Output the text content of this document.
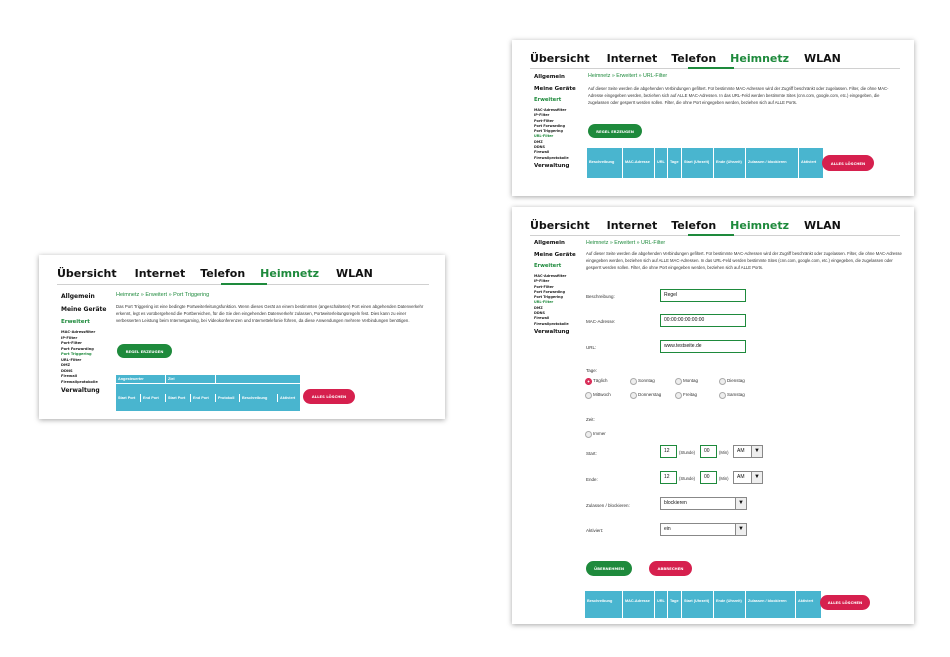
Übersicht Internet Telefon Heimnetz WLAN
Allgemein
Meine Geräte
Erweitert
MAC-Adressfilter
IP-Filter
Port-Filter
Port Forwarding
Port Triggering
URL-Filter
DMZ
DDNS
Firewall
Firewallprotokolle
Verwaltung
Heimnetz » Erweitert » Port Triggering
Das Port Triggering ist eine bedingte Portweiterleitungsfunktion. Wenn dieses Gerät an einem bestimmten (angeschalteten) Port einen abgehenden Datenverkehr erkennt, legt es vorübergehend die Portbereichen, für die Sie den eingehenden Datenverkehr zulassen, Portweiterleitungsregeln fest. Dies kann zu einer verbesserten Leistung beim Internetgaming, bei Videokonferenzen und Internettelefonie führen, da diese Anwendungen mehrere Verbindungen benötigen.
REGEL ERZEUGEN
Angesteuerter	Ziel
Start Port	End Port	Start Port	End Port	Protokoll	Beschreibung	Aktiviert	ALLES LÖSCHEN
Übersicht Internet Telefon Heimnetz WLAN
Allgemein
Meine Geräte
Erweitert
MAC-Adressfilter
IP-Filter
Port-Filter
Port Forwarding
Port Triggering
URL-Filter
DMZ
DDNS
Firewall
Firewallprotokolle
Verwaltung
Heimnetz » Erweitert » URL-Filter
Auf dieser Seite werden die abgehenden Verbindungen gefiltert. Für bestimmte MAC-Adressen wird der Zugriff beschränkt oder zugelassen. Filter, die ohne MAC-Adresse eingegeben werden, beziehen sich auf ALLE MAC-Adressen. In das URL-Feld werden bestimmte Sites (cnn.com, google.com, etc.) eingegeben, die zugelassen oder gesperrt werden sollen. Filter, die ohne Port eingegeben werden, beziehen sich auf ALLE Ports.
REGEL ERZEUGEN
Beschreibung	MAC-Adresse	URL	Tage	Start (Uhrzeit)	Ende (Uhrzeit)	Zulassen / blockieren	Aktiviert	ALLES LÖSCHEN
Übersicht Internet Telefon Heimnetz WLAN
Allgemein
Meine Geräte
Erweitert
MAC-Adressfilter
IP-Filter
Port-Filter
Port Forwarding
Port Triggering
URL-Filter
DMZ
DDNS
Firewall
Firewallprotokolle
Verwaltung
Heimnetz » Erweitert » URL-Filter
Auf dieser Seite werden die abgehenden Verbindungen gefiltert. Für bestimmte MAC-Adressen wird der Zugriff beschränkt oder zugelassen. Filter, die ohne MAC-Adresse eingegeben werden, beziehen sich auf ALLE MAC-Adressen. In das URL-Feld werden bestimmte Sites (cnn.com, google.com, etc.) eingegeben, die zugelassen oder gesperrt werden sollen. Filter, die ohne Port eingegeben werden, beziehen sich auf ALLE Ports.
Beschreibung:	Regel
MAC-Adresse:	00:00:00:00:00:00
URL:	www.testseite.de
Tage:
Täglich	Sonntag	Montag	Dienstag
Mittwoch	Donnerstag	Freitag	Samstag
Zeit:
Immer
Start:	12	(Stunde)	00	(Min)	AM	▼
Ende:	12	(Stunde)	00	(Min)	AM	▼
Zulassen / blockieren:	blockieren	▼
Aktiviert:	ein	▼
ÜBERNEHMEN	ABBRECHEN
Beschreibung	MAC-Adresse	URL	Tage	Start (Uhrzeit)	Ende (Uhrzeit)	Zulassen / blockieren	Aktiviert	ALLES LÖSCHEN
